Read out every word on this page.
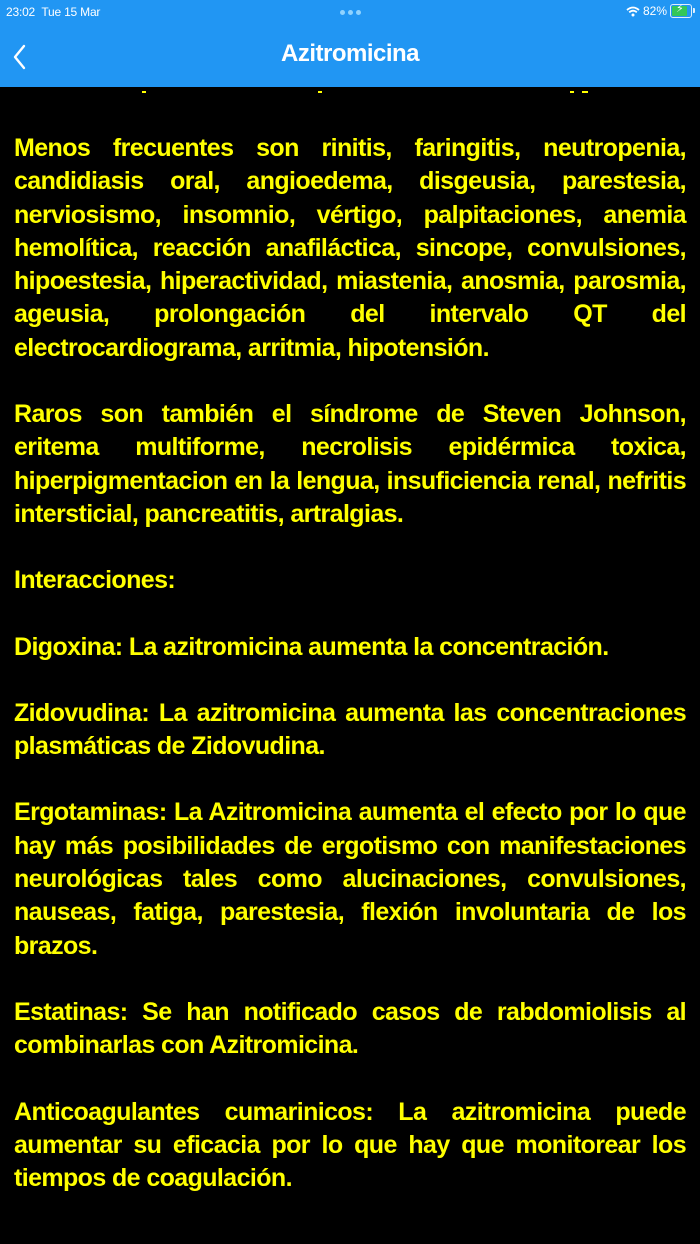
23:02 Tue 15 Mar	82% ⚡
Azitromicina

Menos frecuentes son rinitis, faringitis, neutropenia, candidiasis oral, angioedema, disgeusia, parestesia, nerviosismo, insomnio, vértigo, palpitaciones, anemia hemolítica, reacción anafiláctica, sincope, convulsiones, hipoestesia, hiperactividad, miastenia, anosmia, parosmia, ageusia, prolongación del intervalo QT del electrocardiograma, arritmia, hipotensión.

Raros son también el síndrome de Steven Johnson, eritema multiforme, necrolisis epidérmica toxica, hiperpigmentacion en la lengua, insuficiencia renal, nefritis intersticial, pancreatitis, artralgias.

Interacciones:

Digoxina: La azitromicina aumenta la concentración.

Zidovudina: La azitromicina aumenta las concentraciones plasmáticas de Zidovudina.

Ergotaminas: La Azitromicina aumenta el efecto por lo que hay más posibilidades de ergotismo con manifestaciones neurológicas tales como alucinaciones, convulsiones, nauseas, fatiga, parestesia, flexión involuntaria de los brazos.

Estatinas: Se han notificado casos de rabdomiolisis al combinarlas con Azitromicina.

Anticoagulantes cumarinicos: La azitromicina puede aumentar su eficacia por lo que hay que monitorear los tiempos de coagulación.
